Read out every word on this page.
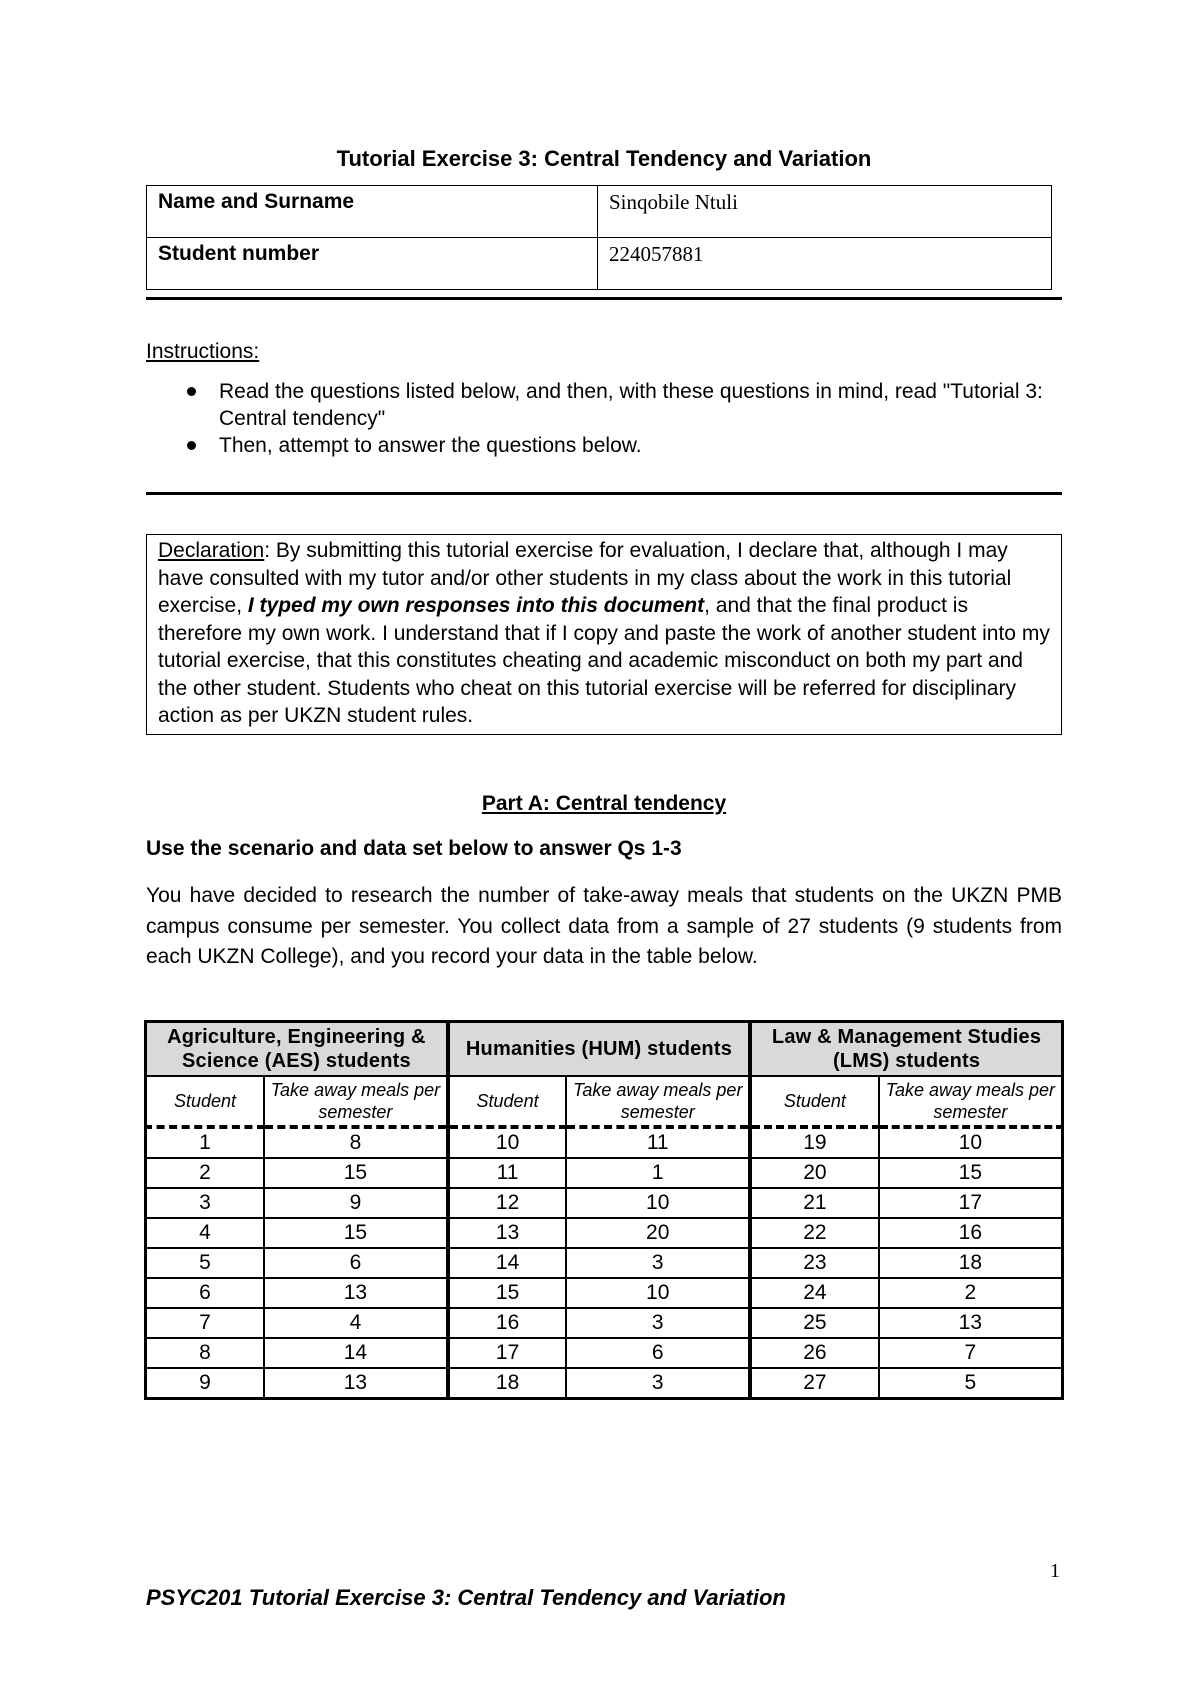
Tutorial Exercise 3: Central Tendency and Variation
Name and Surname	Sinqobile Ntuli
Student number	224057881
Instructions:
Read the questions listed below, and then, with these questions in mind, read "Tutorial 3: Central tendency"
Then, attempt to answer the questions below.
Declaration: By submitting this tutorial exercise for evaluation, I declare that, although I may have consulted with my tutor and/or other students in my class about the work in this tutorial exercise, I typed my own responses into this document, and that the final product is therefore my own work. I understand that if I copy and paste the work of another student into my tutorial exercise, that this constitutes cheating and academic misconduct on both my part and the other student. Students who cheat on this tutorial exercise will be referred for disciplinary action as per UKZN student rules.
Part A: Central tendency
Use the scenario and data set below to answer Qs 1-3
You have decided to research the number of take-away meals that students on the UKZN PMB campus consume per semester. You collect data from a sample of 27 students (9 students from each UKZN College), and you record your data in the table below.
Agriculture, Engineering & Science (AES) students		Humanities (HUM) students		Law & Management Studies (LMS) students	
Student	Take away meals per semester	Student	Take away meals per semester	Student	Take away meals per semester
1	8	10	11	19	10
2	15	11	1	20	15
3	9	12	10	21	17
4	15	13	20	22	16
5	6	14	3	23	18
6	13	15	10	24	2
7	4	16	3	25	13
8	14	17	6	26	7
9	13	18	3	27	5
1
PSYC201 Tutorial Exercise 3: Central Tendency and Variation
